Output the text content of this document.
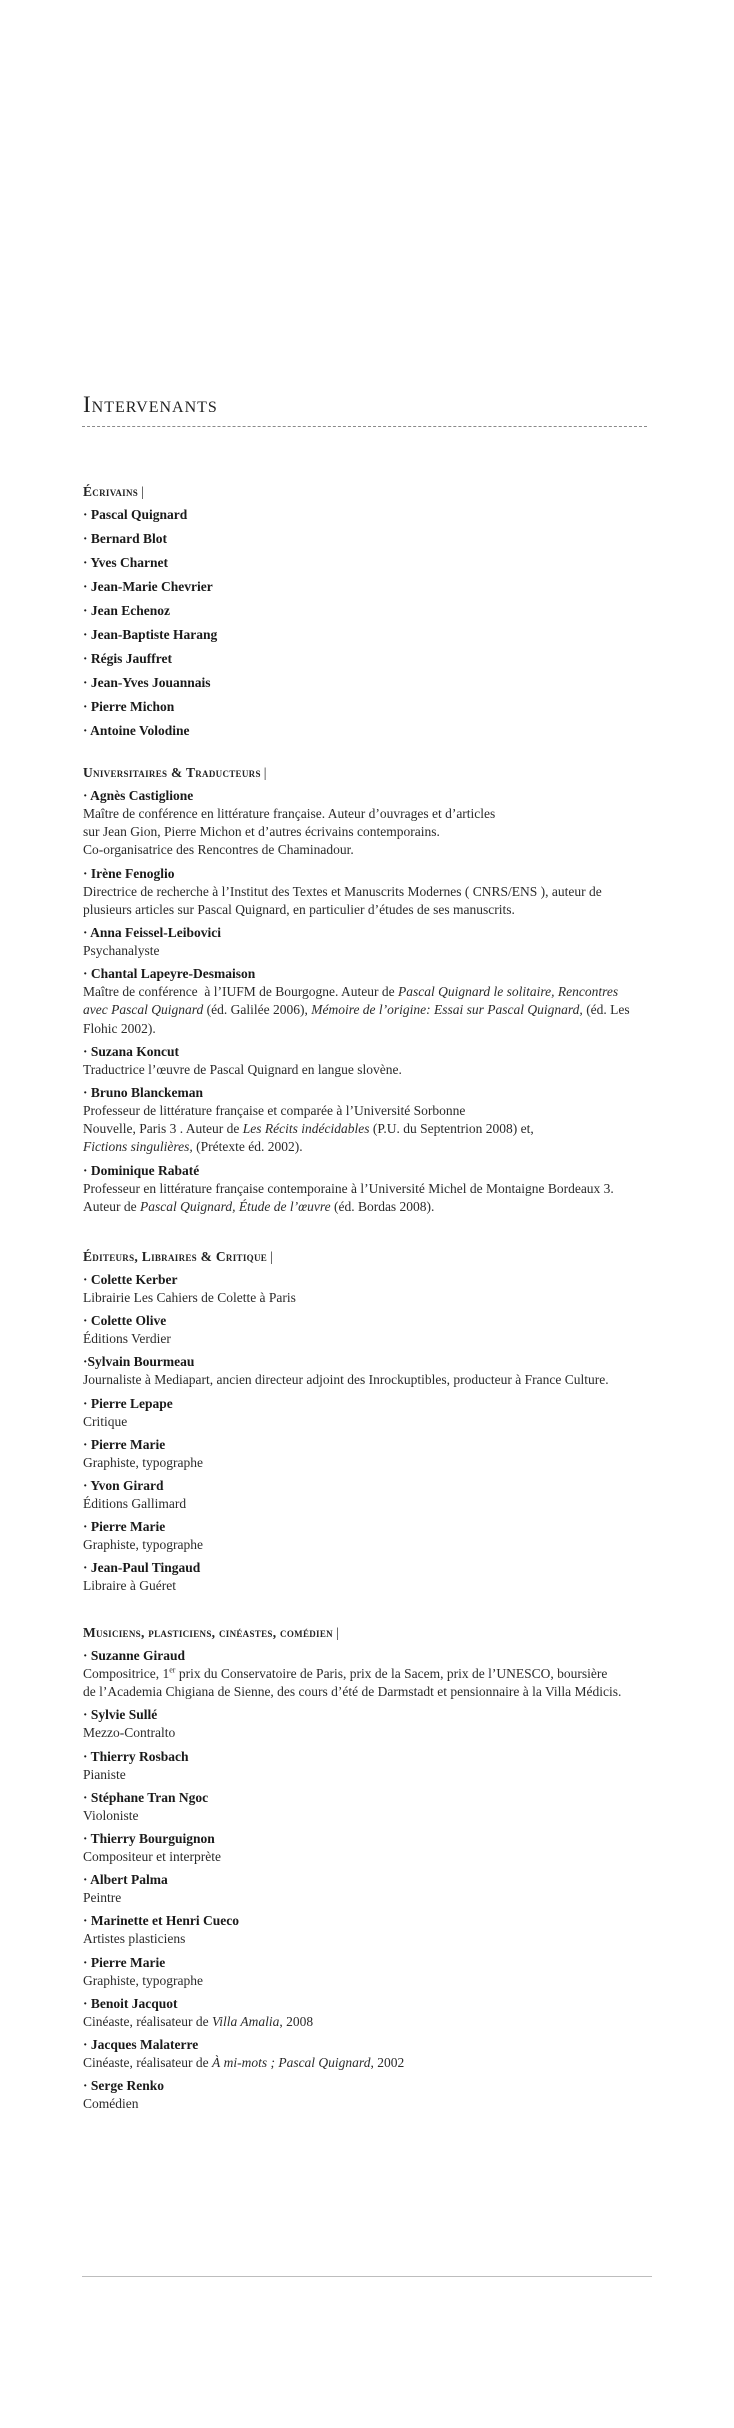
Intervenants
Écrivains |
· Pascal Quignard
· Bernard Blot
· Yves Charnet
· Jean-Marie Chevrier
· Jean Echenoz
· Jean-Baptiste Harang
· Régis Jauffret
· Jean-Yves Jouannais
· Pierre Michon
· Antoine Volodine
Universitaires & Traducteurs |
· Agnès Castiglione
Maître de conférence en littérature française. Auteur d’ouvrages et d’articles
sur Jean Gion, Pierre Michon et d’autres écrivains contemporains.
Co-organisatrice des Rencontres de Chaminadour.
· Irène Fenoglio
Directrice de recherche à l’Institut des Textes et Manuscrits Modernes ( CNRS/ENS ), auteur de
plusieurs articles sur Pascal Quignard, en particulier d’études de ses manuscrits.
· Anna Feissel-Leibovici
Psychanalyste
· Chantal Lapeyre-Desmaison
Maître de conférence  à l’IUFM de Bourgogne. Auteur de Pascal Quignard le solitaire, Rencontres
avec Pascal Quignard (éd. Galilée 2006), Mémoire de l’origine: Essai sur Pascal Quignard, (éd. Les
Flohic 2002).
· Suzana Koncut
Traductrice l’œuvre de Pascal Quignard en langue slovène.
· Bruno Blanckeman
Professeur de littérature française et comparée à l’Université Sorbonne
Nouvelle, Paris 3 . Auteur de Les Récits indécidables (P.U. du Septentrion 2008) et,
Fictions singulières, (Prétexte éd. 2002).
· Dominique Rabaté
Professeur en littérature française contemporaine à l’Université Michel de Montaigne Bordeaux 3.
Auteur de Pascal Quignard, Étude de l’œuvre (éd. Bordas 2008).
Éditeurs, Libraires & Critique |
· Colette Kerber
Librairie Les Cahiers de Colette à Paris
· Colette Olive
Éditions Verdier
·Sylvain Bourmeau
Journaliste à Mediapart, ancien directeur adjoint des Inrockuptibles, producteur à France Culture.
· Pierre Lepape
Critique
· Pierre Marie
Graphiste, typographe
· Yvon Girard
Éditions Gallimard
· Pierre Marie
Graphiste, typographe
· Jean-Paul Tingaud
Libraire à Guéret
Musiciens, plasticiens, cinéastes, comédien |
· Suzanne Giraud
Compositrice, 1er prix du Conservatoire de Paris, prix de la Sacem, prix de l’UNESCO, boursière
de l’Academia Chigiana de Sienne, des cours d’été de Darmstadt et pensionnaire à la Villa Médicis.
· Sylvie Sullé
Mezzo-Contralto
· Thierry Rosbach
Pianiste
· Stéphane Tran Ngoc
Violoniste
· Thierry Bourguignon
Compositeur et interprète
· Albert Palma
Peintre
· Marinette et Henri Cueco
Artistes plasticiens
· Pierre Marie
Graphiste, typographe
· Benoit Jacquot
Cinéaste, réalisateur de Villa Amalia, 2008
· Jacques Malaterre
Cinéaste, réalisateur de À mi-mots ; Pascal Quignard, 2002
· Serge Renko
Comédien
